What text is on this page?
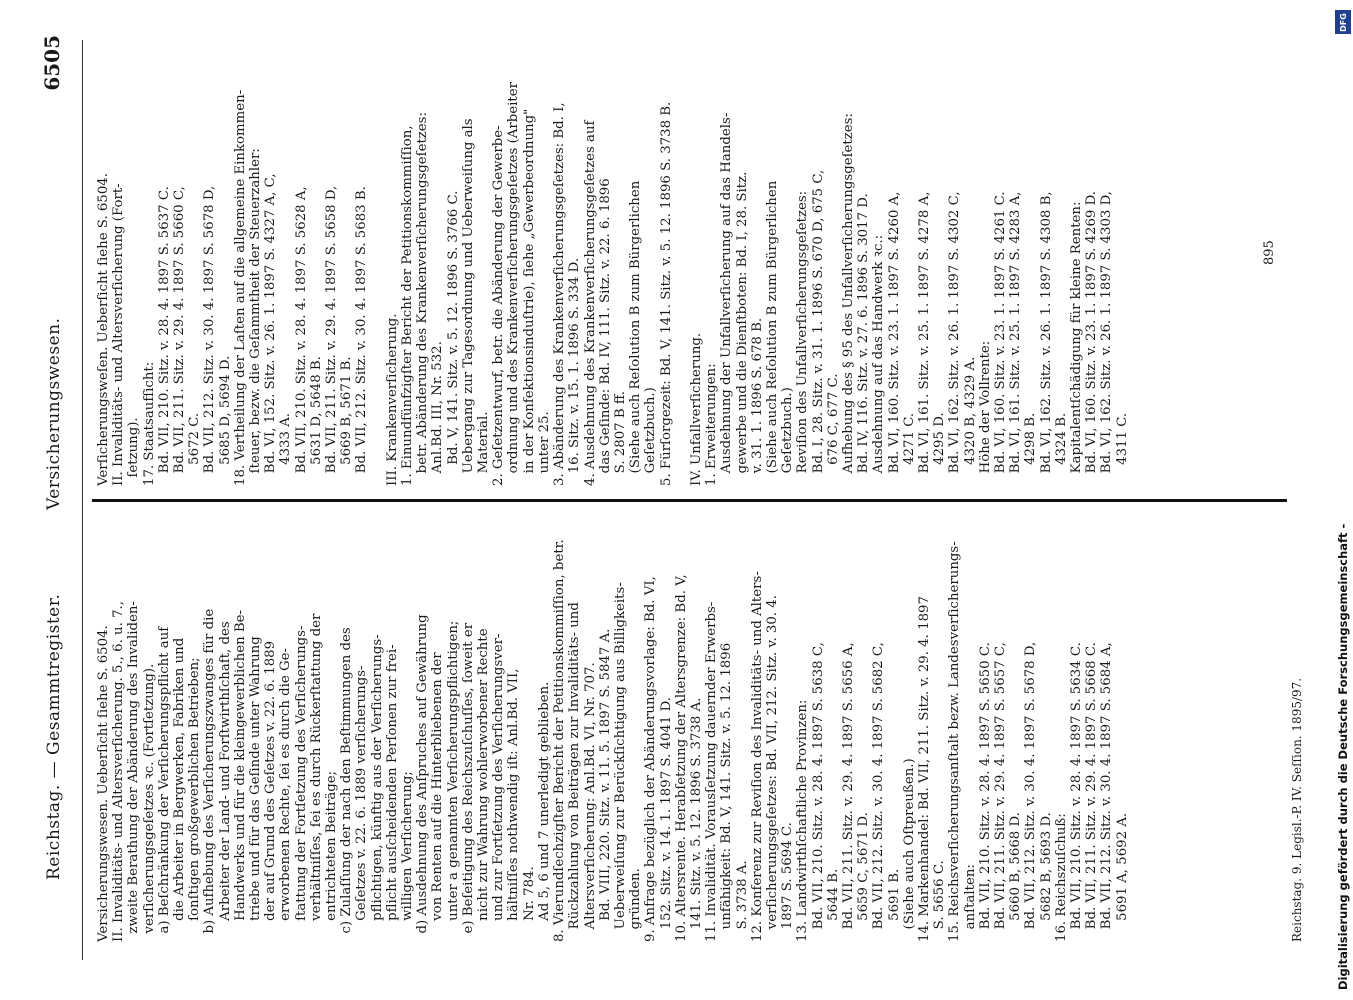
Reichstag. — Gesammtregister.
Versicherungswesen.
6505
Versicherungswesen. Ueberſicht ſiehe S. 6504. II. Invaliditäts- und Altersverſicherung. 5., 6. u. 7., zweite Berathung der Abänderung des Invaliden- verſicherungsgeſetzes ꝛc. (Fortſetzung). a) Beſchränkung der Verſicherungspflicht auf die Arbeiter in Bergwerken, Fabriken und ſonſtigen großgewerblichen Betrieben; b) Aufhebung des Verſicherungszwanges für die Arbeiter der Land- und Forſtwirthſchaft, des Handwerks und für die kleingewerblichen Be- triebe und für das Geſinde unter Wahrung der auf Grund des Geſetzes v. 22. 6. 1889 erworbenen Rechte, ſei es durch die Ge- ſtattung der Fortſetzung des Verſicherungs- verhältniſſes, ſei es durch Rückerſtattung der entrichteten Beiträge; c) Zulaſſung der nach den Beſtimmungen des Geſetzes v. 22. 6. 1889 verſicherungs- pflichtigen, künftig aus der Verſicherungs- pflicht ausſcheidenden Perſonen zur frei- willigen Verſicherung; d) Ausdehnung des Anſpruches auf Gewährung von Renten auf die Hinterbliebenen der unter a genannten Verſicherungspflichtigen; e) Beſeitigung des Reichszuſchuſſes, ſoweit er nicht zur Wahrung wohlerworbener Rechte und zur Fortſetzung des Verſicherungsver- hältniſſes nothwendig iſt: Anl.Bd. VII, Nr. 784. Ad 5, 6 und 7 unerledigt geblieben. 8. Vierundſechzigſter Bericht der Petitionskommiſſion, betr. Rückzahlung von Beiträgen zur Invaliditäts- und Altersverſicherung: Anl.Bd. VI, Nr. 707. Bd. VIII, 220. Sitz. v. 11. 5. 1897 S. 5847 A. Ueberweiſung zur Berückſichtigung aus Billigkeits- gründen. 9. Anfrage bezüglich der Abänderungsvorlage: Bd. VI, 152. Sitz. v. 14. 1. 1897 S. 4041 D. 10. Altersrente. Herabſetzung der Altersgrenze: Bd. V, 141. Sitz. v. 5. 12. 1896 S. 3738 A. 11. Invalidität. Vorausſetzung dauernder Erwerbs- unfähigkeit: Bd. V, 141. Sitz. v. 5. 12. 1896 S. 3738 A. 12. Konferenz zur Reviſion des Invaliditäts- und Alters- verſicherungsgeſetzes: Bd. VII, 212. Sitz. v. 30. 4. 1897 S. 5694 C. 13. Landwirthſchaftliche Provinzen: Bd. VII, 210. Sitz. v. 28. 4. 1897 S. 5638 C, 5644 B. Bd. VII, 211. Sitz. v. 29. 4. 1897 S. 5656 A, 5659 C, 5671 D. Bd. VII, 212. Sitz. v. 30. 4. 1897 S. 5682 C, 5691 B. (Siehe auch Oſtpreußen.) 14. Markenhandel: Bd. VII, 211. Sitz. v. 29. 4. 1897 S. 5656 C. 15. Reichsverſicherungsanſtalt bezw. Landesverſicherungs- anſtalten: Bd. VII, 210. Sitz. v. 28. 4. 1897 S. 5650 C. Bd. VII, 211. Sitz. v. 29. 4. 1897 S. 5657 C, 5660 B, 5668 D. Bd. VII, 212. Sitz. v. 30. 4. 1897 S. 5678 D, 5682 B, 5693 D. 16. Reichszuſchuß: Bd. VII, 210. Sitz. v. 28. 4. 1897 S. 5634 C. Bd. VII, 211. Sitz. v. 29. 4. 1897 S. 5668 C. Bd. VII, 212. Sitz. v. 30. 4. 1897 S. 5684 A, 5691 A, 5692 A.
Verſicherungsweſen. Ueberſicht ſiehe S. 6504. II. Invaliditäts- und Altersverſicherung (Fort- ſetzung). 17. Staatsaufſicht: Bd. VII, 210. Sitz. v. 28. 4. 1897 S. 5637 C. Bd. VII, 211. Sitz. v. 29. 4. 1897 S. 5660 C, 5672 C. Bd. VII, 212. Sitz. v. 30. 4. 1897 S. 5678 D, 5685 D, 5694 D. 18. Vertheilung der Laſten auf die allgemeine Einkommen- ſteuer, bezw. die Geſammtheit der Steuerzahler: Bd. VI, 152. Sitz. v. 26. 1. 1897 S. 4327 A, C, 4333 A. Bd. VII, 210. Sitz. v. 28. 4. 1897 S. 5628 A, 5631 D, 5648 B. Bd. VII, 211. Sitz. v. 29. 4. 1897 S. 5658 D, 5669 B, 5671 B. Bd. VII, 212. Sitz. v. 30. 4. 1897 S. 5683 B.
III. Krankenverſicherung. 1. Einundfünfzigſter Bericht der Petitionskommiſſion, betr. Abänderung des Krankenverſicherungsgeſetzes: Anl.Bd. III, Nr. 532. Bd. V, 141. Sitz. v. 5. 12. 1896 S. 3766 C. Uebergang zur Tagesordnung und Ueberweiſung als Material. 2. Geſetzentwurf, betr. die Abänderung der Gewerbe- ordnung und des Krankenverſicherungsgeſetzes (Arbeiter in der Konfektionsinduſtrie), ſiehe „Gewerbeordnung" unter 25. 3. Abänderung des Krankenverſicherungsgeſetzes: Bd. I, 16. Sitz. v. 15. 1. 1896 S. 334 D. 4. Ausdehnung des Krankenverſicherungsgeſetzes auf das Geſinde: Bd. IV, 111. Sitz. v. 22. 6. 1896 S. 2807 B ff. (Siehe auch Reſolution B zum Bürgerlichen Geſetzbuch.) 5. Fürſorgezeit: Bd. V, 141. Sitz. v. 5. 12. 1896 S. 3738 B.
IV. Unfallverſicherung. 1. Erweiterungen: Ausdehnung der Unfallverſicherung auf das Handels- gewerbe und die Dienſtboten: Bd. I, 28. Sitz. v. 31. 1. 1896 S. 678 B. (Siehe auch Reſolution B zum Bürgerlichen Geſetzbuch.) Reviſion des Unfallverſicherungsgeſetzes: Bd. I, 28. Sitz. v. 31. 1. 1896 S. 670 D, 675 C, 676 C, 677 C. Aufhebung des § 95 des Unfallverſicherungsgeſetzes: Bd. IV, 116. Sitz. v. 27. 6. 1896 S. 3017 D. Ausdehnung auf das Handwerk ꝛc.: Bd. VI, 160. Sitz. v. 23. 1. 1897 S. 4260 A, 4271 C. Bd. VI, 161. Sitz. v. 25. 1. 1897 S. 4278 A, 4295 D. Bd. VI, 162. Sitz. v. 26. 1. 1897 S. 4302 C, 4320 B, 4329 A. Höhe der Vollrente: Bd. VI, 160. Sitz. v. 23. 1. 1897 S. 4261 C. Bd. VI, 161. Sitz. v. 25. 1. 1897 S. 4283 A, 4298 B. Bd. VI, 162. Sitz. v. 26. 1. 1897 S. 4308 B, 4324 B. Kapitalentſchädigung für kleine Renten: Bd. VI, 160. Sitz. v. 23. 1. 1897 S. 4269 D. Bd. VI, 162. Sitz. v. 26. 1. 1897 S. 4303 D, 4311 C.
Reichstag. 9. Legisl.-P. IV. Seſſion. 1895/97.
895
Digitalisierung gefördert durch die Deutsche Forschungsgemeinschaft -
DFG
